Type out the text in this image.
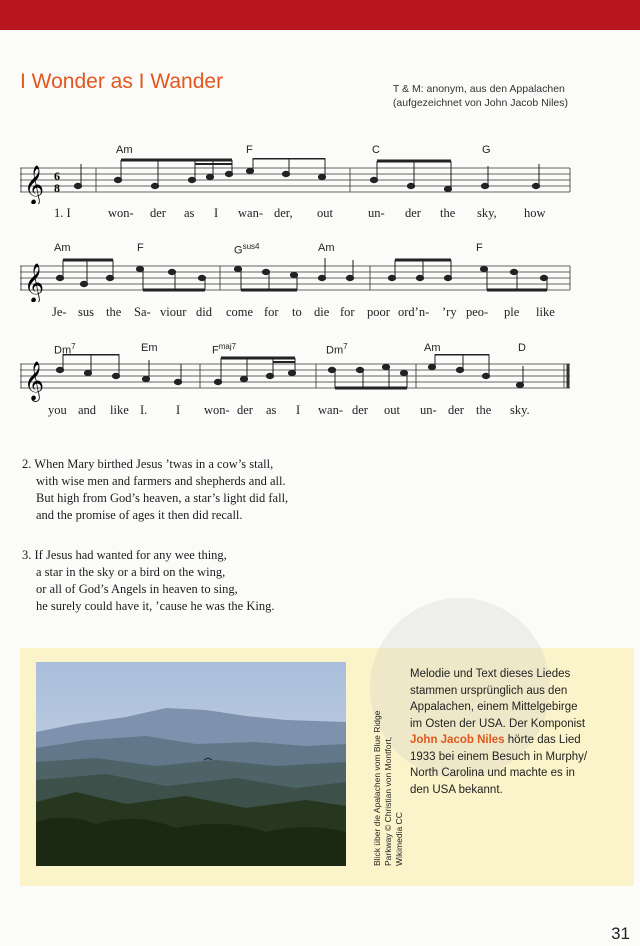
I Wonder as I Wander	T & M: anonym, aus den Appalachen
(aufgezeichnet von John Jacob Niles)
Am	F	C	G
𝄞 6
8
1. I	won- der as I wan- der, out	un- der the sky, how
Am	F	$G^{sus4}$	Am	F
𝄞
Je- sus the Sa- viour did come for to die for poor ord’n- ’ry peo- ple like
Dm$^7$	Em	$F^{maj7}$	Dm$^7$	Am	D
𝄞
you and like I. I won- der as I wan- der out un- der the sky.
2. When Mary birthed Jesus ’twas in a cow’s stall,
with wise men and farmers and shepherds and all.
But high from God’s heaven, a star’s light did fall,
and the promise of ages it then did recall.
3. If Jesus had wanted for any wee thing,
a star in the sky or a bird on the wing,
or all of God’s Angels in heaven to sing,
he surely could have it, ’cause he was the King.
Blick über die Apalachen vom Blue Ridge Parkway © Christian von Montfort, Wikimedia CC
Melodie und Text dieses Liedes stammen ursprünglich aus den Appalachen, einem Mittelgebirge im Osten der USA. Der Komponist John Jacob Niles hörte das Lied 1933 bei einem Besuch in Murphy/ North Carolina und machte es in den USA bekannt.
31
